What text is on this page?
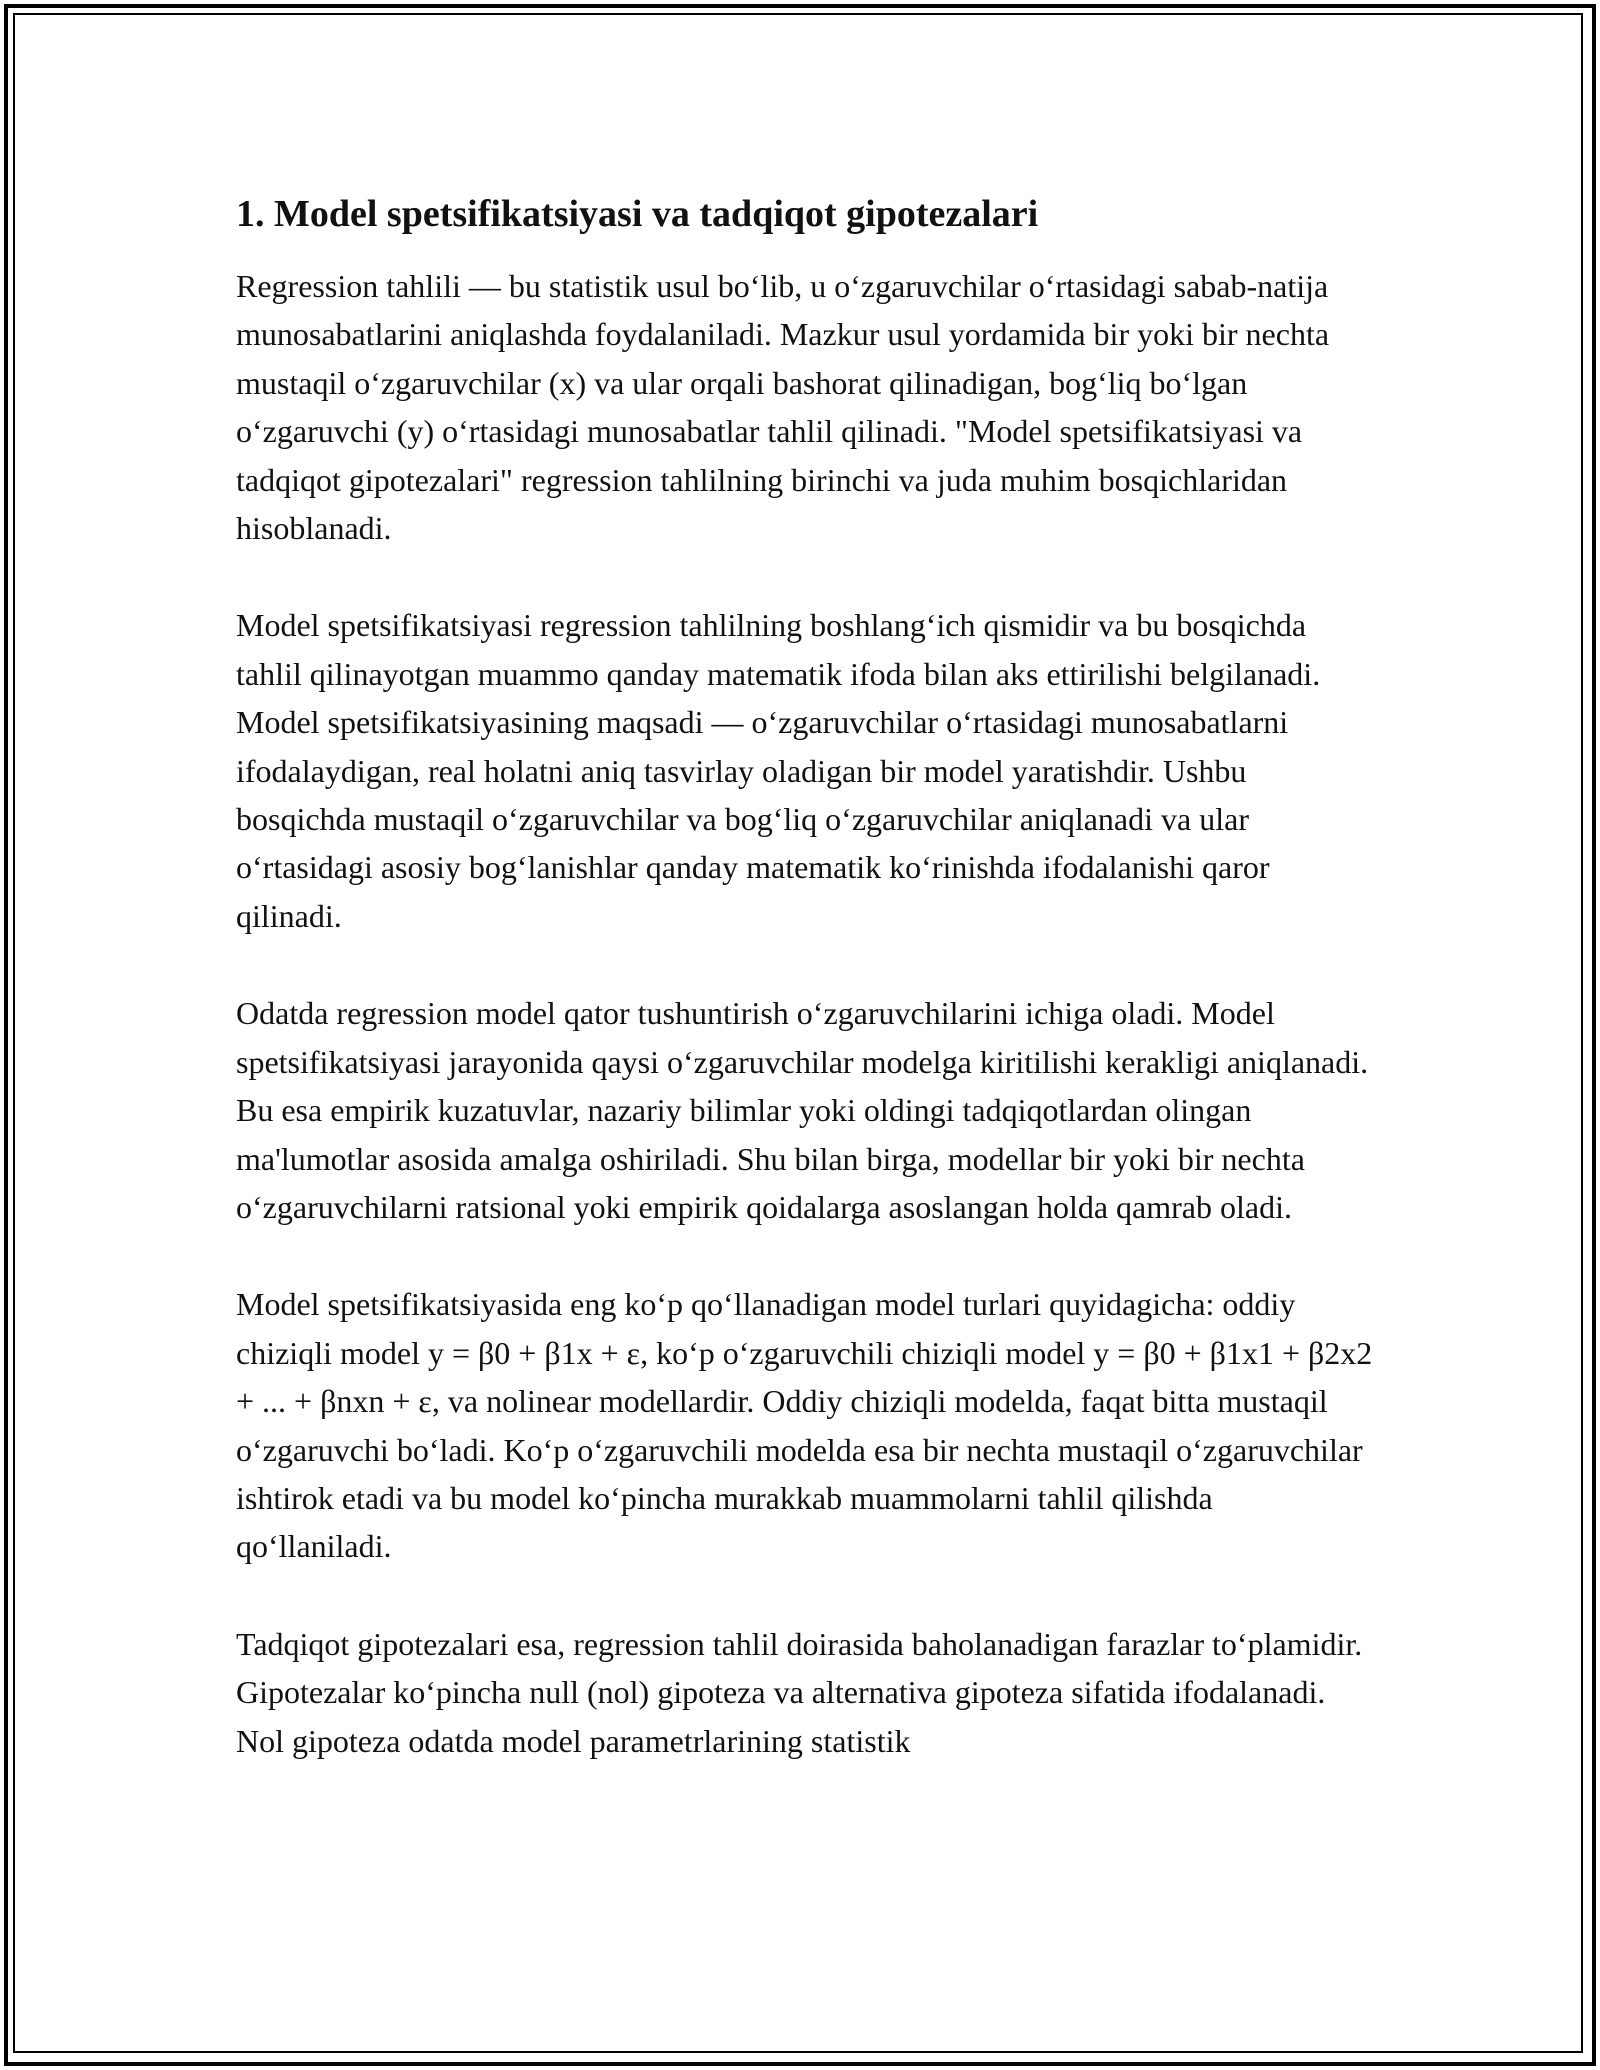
1. Model spetsifikatsiyasi va tadqiqot gipotezalari

Regression tahlili — bu statistik usul bo‘lib, u o‘zgaruvchilar o‘rtasidagi sabab-natija munosabatlarini aniqlashda foydalaniladi. Mazkur usul yordamida bir yoki bir nechta mustaqil o‘zgaruvchilar (x) va ular orqali bashorat qilinadigan, bog‘liq bo‘lgan o‘zgaruvchi (y) o‘rtasidagi munosabatlar tahlil qilinadi. "Model spetsifikatsiyasi va tadqiqot gipotezalari" regression tahlilning birinchi va juda muhim bosqichlaridan hisoblanadi.

Model spetsifikatsiyasi regression tahlilning boshlang‘ich qismidir va bu bosqichda tahlil qilinayotgan muammo qanday matematik ifoda bilan aks ettirilishi belgilanadi. Model spetsifikatsiyasining maqsadi — o‘zgaruvchilar o‘rtasidagi munosabatlarni ifodalaydigan, real holatni aniq tasvirlay oladigan bir model yaratishdir. Ushbu bosqichda mustaqil o‘zgaruvchilar va bog‘liq o‘zgaruvchilar aniqlanadi va ular o‘rtasidagi asosiy bog‘lanishlar qanday matematik ko‘rinishda ifodalanishi qaror qilinadi.

Odatda regression model qator tushuntirish o‘zgaruvchilarini ichiga oladi. Model spetsifikatsiyasi jarayonida qaysi o‘zgaruvchilar modelga kiritilishi kerakligi aniqlanadi. Bu esa empirik kuzatuvlar, nazariy bilimlar yoki oldingi tadqiqotlardan olingan ma'lumotlar asosida amalga oshiriladi. Shu bilan birga, modellar bir yoki bir nechta o‘zgaruvchilarni ratsional yoki empirik qoidalarga asoslangan holda qamrab oladi.

Model spetsifikatsiyasida eng ko‘p qo‘llanadigan model turlari quyidagicha: oddiy chiziqli model y = β0 + β1x + ε, ko‘p o‘zgaruvchili chiziqli model y = β0 + β1x1 + β2x2 + ... + βnxn + ε, va nolinear modellardir. Oddiy chiziqli modelda, faqat bitta mustaqil o‘zgaruvchi bo‘ladi. Ko‘p o‘zgaruvchili modelda esa bir nechta mustaqil o‘zgaruvchilar ishtirok etadi va bu model ko‘pincha murakkab muammolarni tahlil qilishda qo‘llaniladi.

Tadqiqot gipotezalari esa, regression tahlil doirasida baholanadigan farazlar to‘plamidir. Gipotezalar ko‘pincha null (nol) gipoteza va alternativa gipoteza sifatida ifodalanadi. Nol gipoteza odatda model parametrlarining statistik
